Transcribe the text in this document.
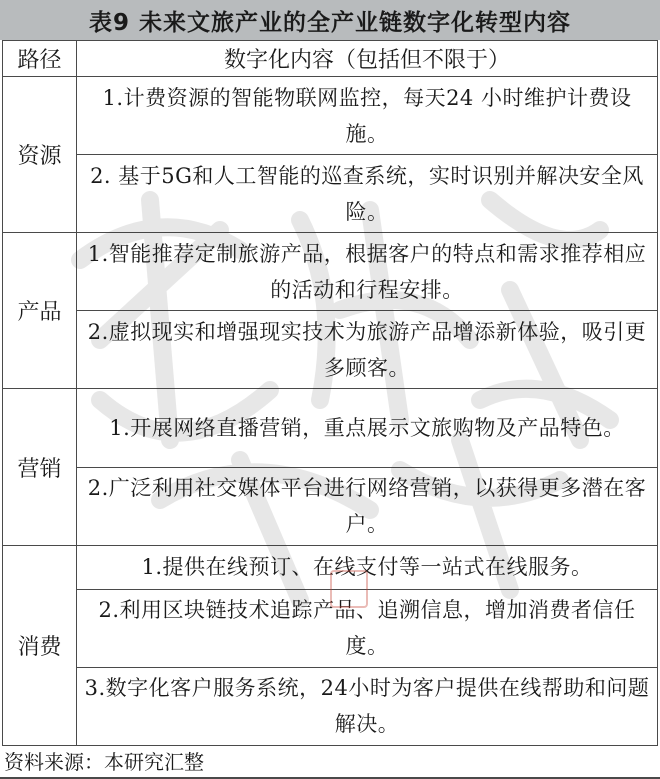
表9 未来文旅产业的全产业链数字化转型内容
路径	数字化内容（包括但不限于）
资源	1.计费资源的智能物联网监控，每天24 小时维护计费设施。
	2. 基于5G和人工智能的巡查系统，实时识别并解决安全风险。
产品	1.智能推荐定制旅游产品，根据客户的特点和需求推荐相应的活动和行程安排。
	2.虚拟现实和增强现实技术为旅游产品增添新体验，吸引更多顾客。
营销	1.开展网络直播营销，重点展示文旅购物及产品特色。
	2.广泛利用社交媒体平台进行网络营销，以获得更多潜在客户。
消费	1.提供在线预订、在线支付等一站式在线服务。
	2.利用区块链技术追踪产品、追溯信息，增加消费者信任度。
	3.数字化客户服务系统，24小时为客户提供在线帮助和问题解决。
资料来源：本研究汇整
